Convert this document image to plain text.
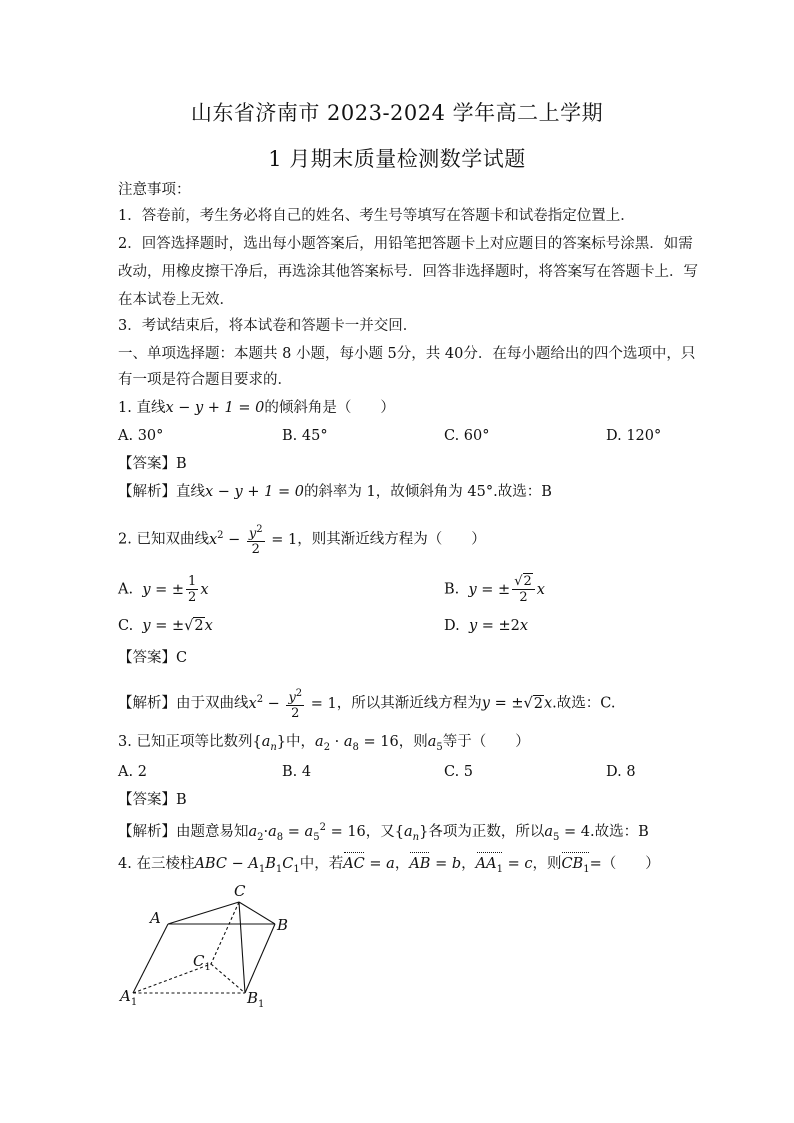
山东省济南市 2023-2024 学年高二上学期
1 月期末质量检测数学试题
注意事项：
1．答卷前，考生务必将自己的姓名、考生号等填写在答题卡和试卷指定位置上．
2．回答选择题时，选出每小题答案后，用铅笔把答题卡上对应题目的答案标号涂黑．如需
改动，用橡皮擦干净后，再选涂其他答案标号．回答非选择题时，将答案写在答题卡上．写
在本试卷上无效．
3．考试结束后，将本试卷和答题卡一并交回．
一、单项选择题：本题共 8 小题，每小题 5分，共 40分．在每小题给出的四个选项中，只
有一项是符合题目要求的．
1. 直线x − y + 1 = 0的倾斜角是（　　）
A. 30°	B. 45°	C. 60°	D. 120°
【答案】B
【解析】直线x − y + 1 = 0的斜率为 1，故倾斜角为 45°.故选：B
2. 已知双曲线$x^2 - \frac{y^2}{2} = 1$，则其渐近线方程为（　　）
A. y = ± $\frac{1}{2}$ x	B. y = ± $\frac{√2}{2}$ x
C. y = ±√2x	D. y = ±2x
【答案】C
【解析】由于双曲线$x^2 - \frac{y^2}{2} = 1$，所以其渐近线方程为y = ±√2x.故选：C.
3. 已知正项等比数列$\{a_n\}$中，$a_2 \cdot a_8 = 16$，则$a_5$等于（　　）
A. 2	B. 4	C. 5	D. 8
【答案】B
【解析】由题意易知$a_2\cdot a_8 = a_5^2 = 16$，又$\{a_n\}$各项为正数，所以$a_5 = 4$.故选：B
4. 在三棱柱ABC − $A_1B_1C_1$中，若AC = a，AB = b，$AA_1 = c$，则$CB_1=$（　　）
A
C
B
$C_1$
$A_1$	$B_1$
